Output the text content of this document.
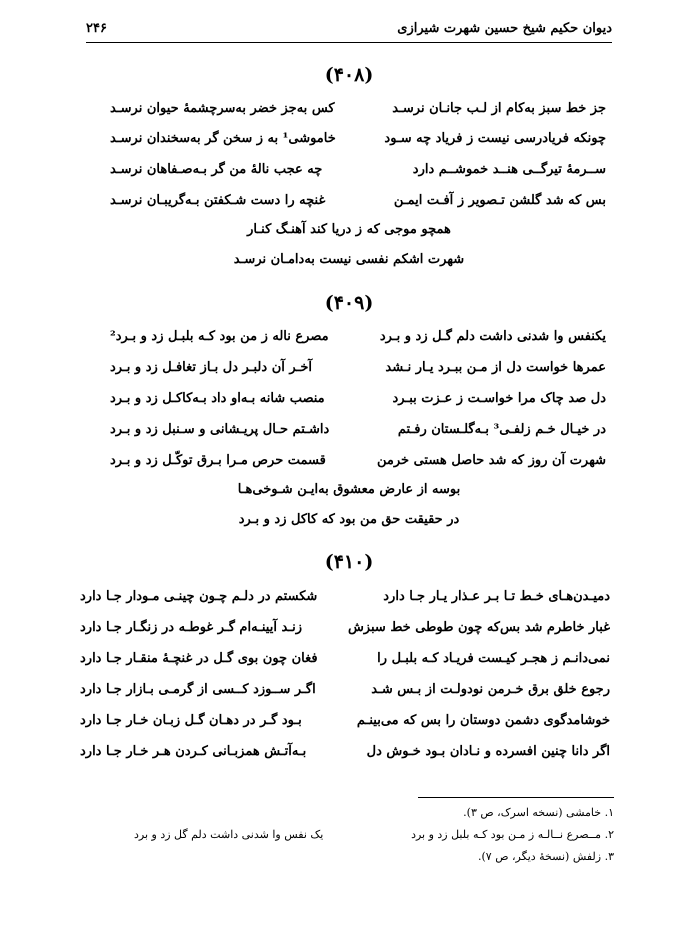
دیوان حکیم شیخ حسین شهرت شیرازی
۲۴۶
(۴۰۸)
جز خط سبز به‌کام از لـب جانـان نرسـد
کس به‌جز خضر به‌سرچشمهٔ حیوان نرسـد
چونکه فریادرسی نیست ز فریاد چه سـود
خاموشی¹ به ز سخن گر به‌سخندان نرسـد
ســرمهٔ تیرگــی هنــد خموشــم دارد
چه عجب نالهٔ من گر بـه‌صـفاهان نرسـد
بس که شد گلشن تـصویر ز آفـت ایمـن
غنچه را دست شـکفتن بـه‌گریبـان نرسـد
همچو موجی که ز دریا کند آهنـگ کنـار
شهرت اشکم نفسی نیست به‌دامـان نرسـد
(۴۰۹)
یکنفس وا شدنی داشت دلم گـل زد و بـرد
مصرع ناله ز من بود کـه بلبـل زد و بـرد²
عمرها خواست دل از مـن ببـرد یـار نـشد
آخـر آن دلبـر دل بـاز تغافـل زد و بـرد
دل صد چاک مرا خواسـت ز عـزت ببـرد
منصب شانه بـه‌او داد بـه‌کاکـل زد و بـرد
در خیـال خـم زلفـی³ بـه‌گلـستان رفـتم
داشـتم حـال پریـشانی و سـنبل زد و بـرد
شهرت آن روز که شد حاصل هستی خرمن
قسمت حرص مـرا بـرق توکّـل زد و بـرد
بوسه از عارض معشوق به‌ایـن شـوخی‌هـا
در حقیقت حق من بود که کاکل زد و بـرد
(۴۱۰)
دمیـدن‌هـای خـط تـا بـر عـذار یـار جـا دارد
شکستم در دلـم چـون چینـی مـودار جـا دارد
غبار خاطرم شد بس‌که چون طوطی خط سبزش
زنـد آیینـه‌ام گـر غوطـه در زنگـار جـا دارد
نمی‌دانـم ز هجـر کیـست فریـاد کـه بلبـل را
فغان چون بوی گـل در غنچـهٔ منقـار جـا دارد
رجوع خلق برق خـرمن نودولـت از بـس شـد
اگـر ســوزد کــسی از گرمـی بـازار جـا دارد
خوشامدگوی دشمن دوستان را بس که می‌بینـم
بـود گـر در دهـان گـل زبـان خـار جـا دارد
اگر دانا چنین افسرده و نـادان بـود خـوش دل
بـه‌آتـش همزبـانی کـردن هـر خـار جـا دارد
۱. خامشی (نسخه اسرک، ص ۳).
۲. مــصرع نــالـه ز مـن بود کـه بلبل زد و برد
یک نفس وا شدنی داشت دلم گل زد و برد
۳. زلفش (نسخهٔ دیگر، ص ۷).
